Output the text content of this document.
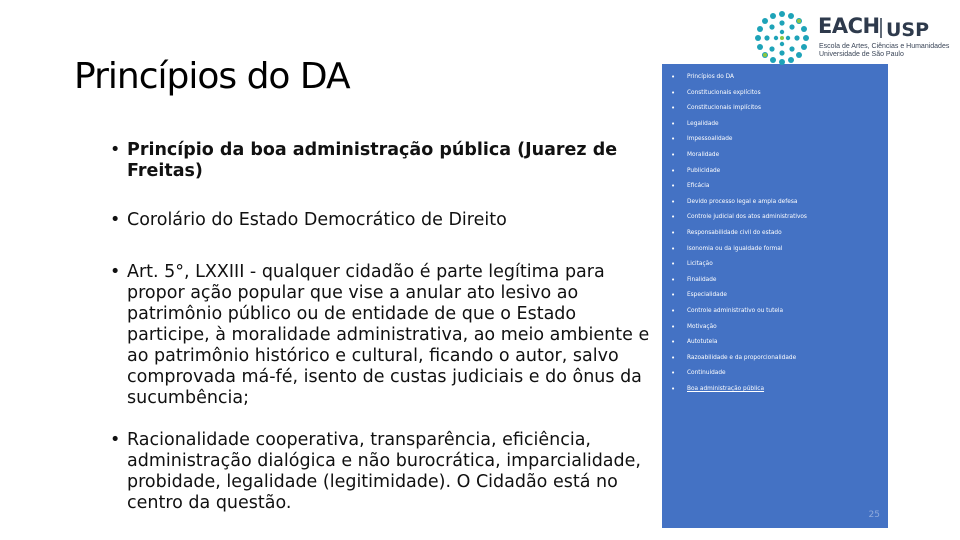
Princípios do DA
• Princípio da boa administração pública (Juarez de Freitas)
• Corolário do Estado Democrático de Direito
• Art. 5°, LXXIII - qualquer cidadão é parte legítima para propor ação popular que vise a anular ato lesivo ao patrimônio público ou de entidade de que o Estado participe, à moralidade administrativa, ao meio ambiente e ao patrimônio histórico e cultural, ficando o autor, salvo comprovada má-fé, isento de custas judiciais e do ônus da sucumbência;
• Racionalidade cooperativa, transparência, eficiência, administração dialógica e não burocrática, imparcialidade, probidade, legalidade (legitimidade). O Cidadão está no centro da questão.
• Princípios do DA
• Constitucionais explícitos
• Constitucionais implícitos
• Legalidade
• Impessoalidade
• Moralidade
• Publicidade
• Eficácia
• Devido processo legal e ampla defesa
• Controle judicial dos atos administrativos
• Responsabilidade civil do estado
• Isonomia ou da igualdade formal
• Licitação
• Finalidade
• Especialidade
• Controle administrativo ou tutela
• Motivação
• Autotutela
• Razoabilidade e da proporcionalidade
• Continuidade
• Boa administração pública
25
EACH USP
Escola de Artes, Ciências e Humanidades
Universidade de São Paulo
